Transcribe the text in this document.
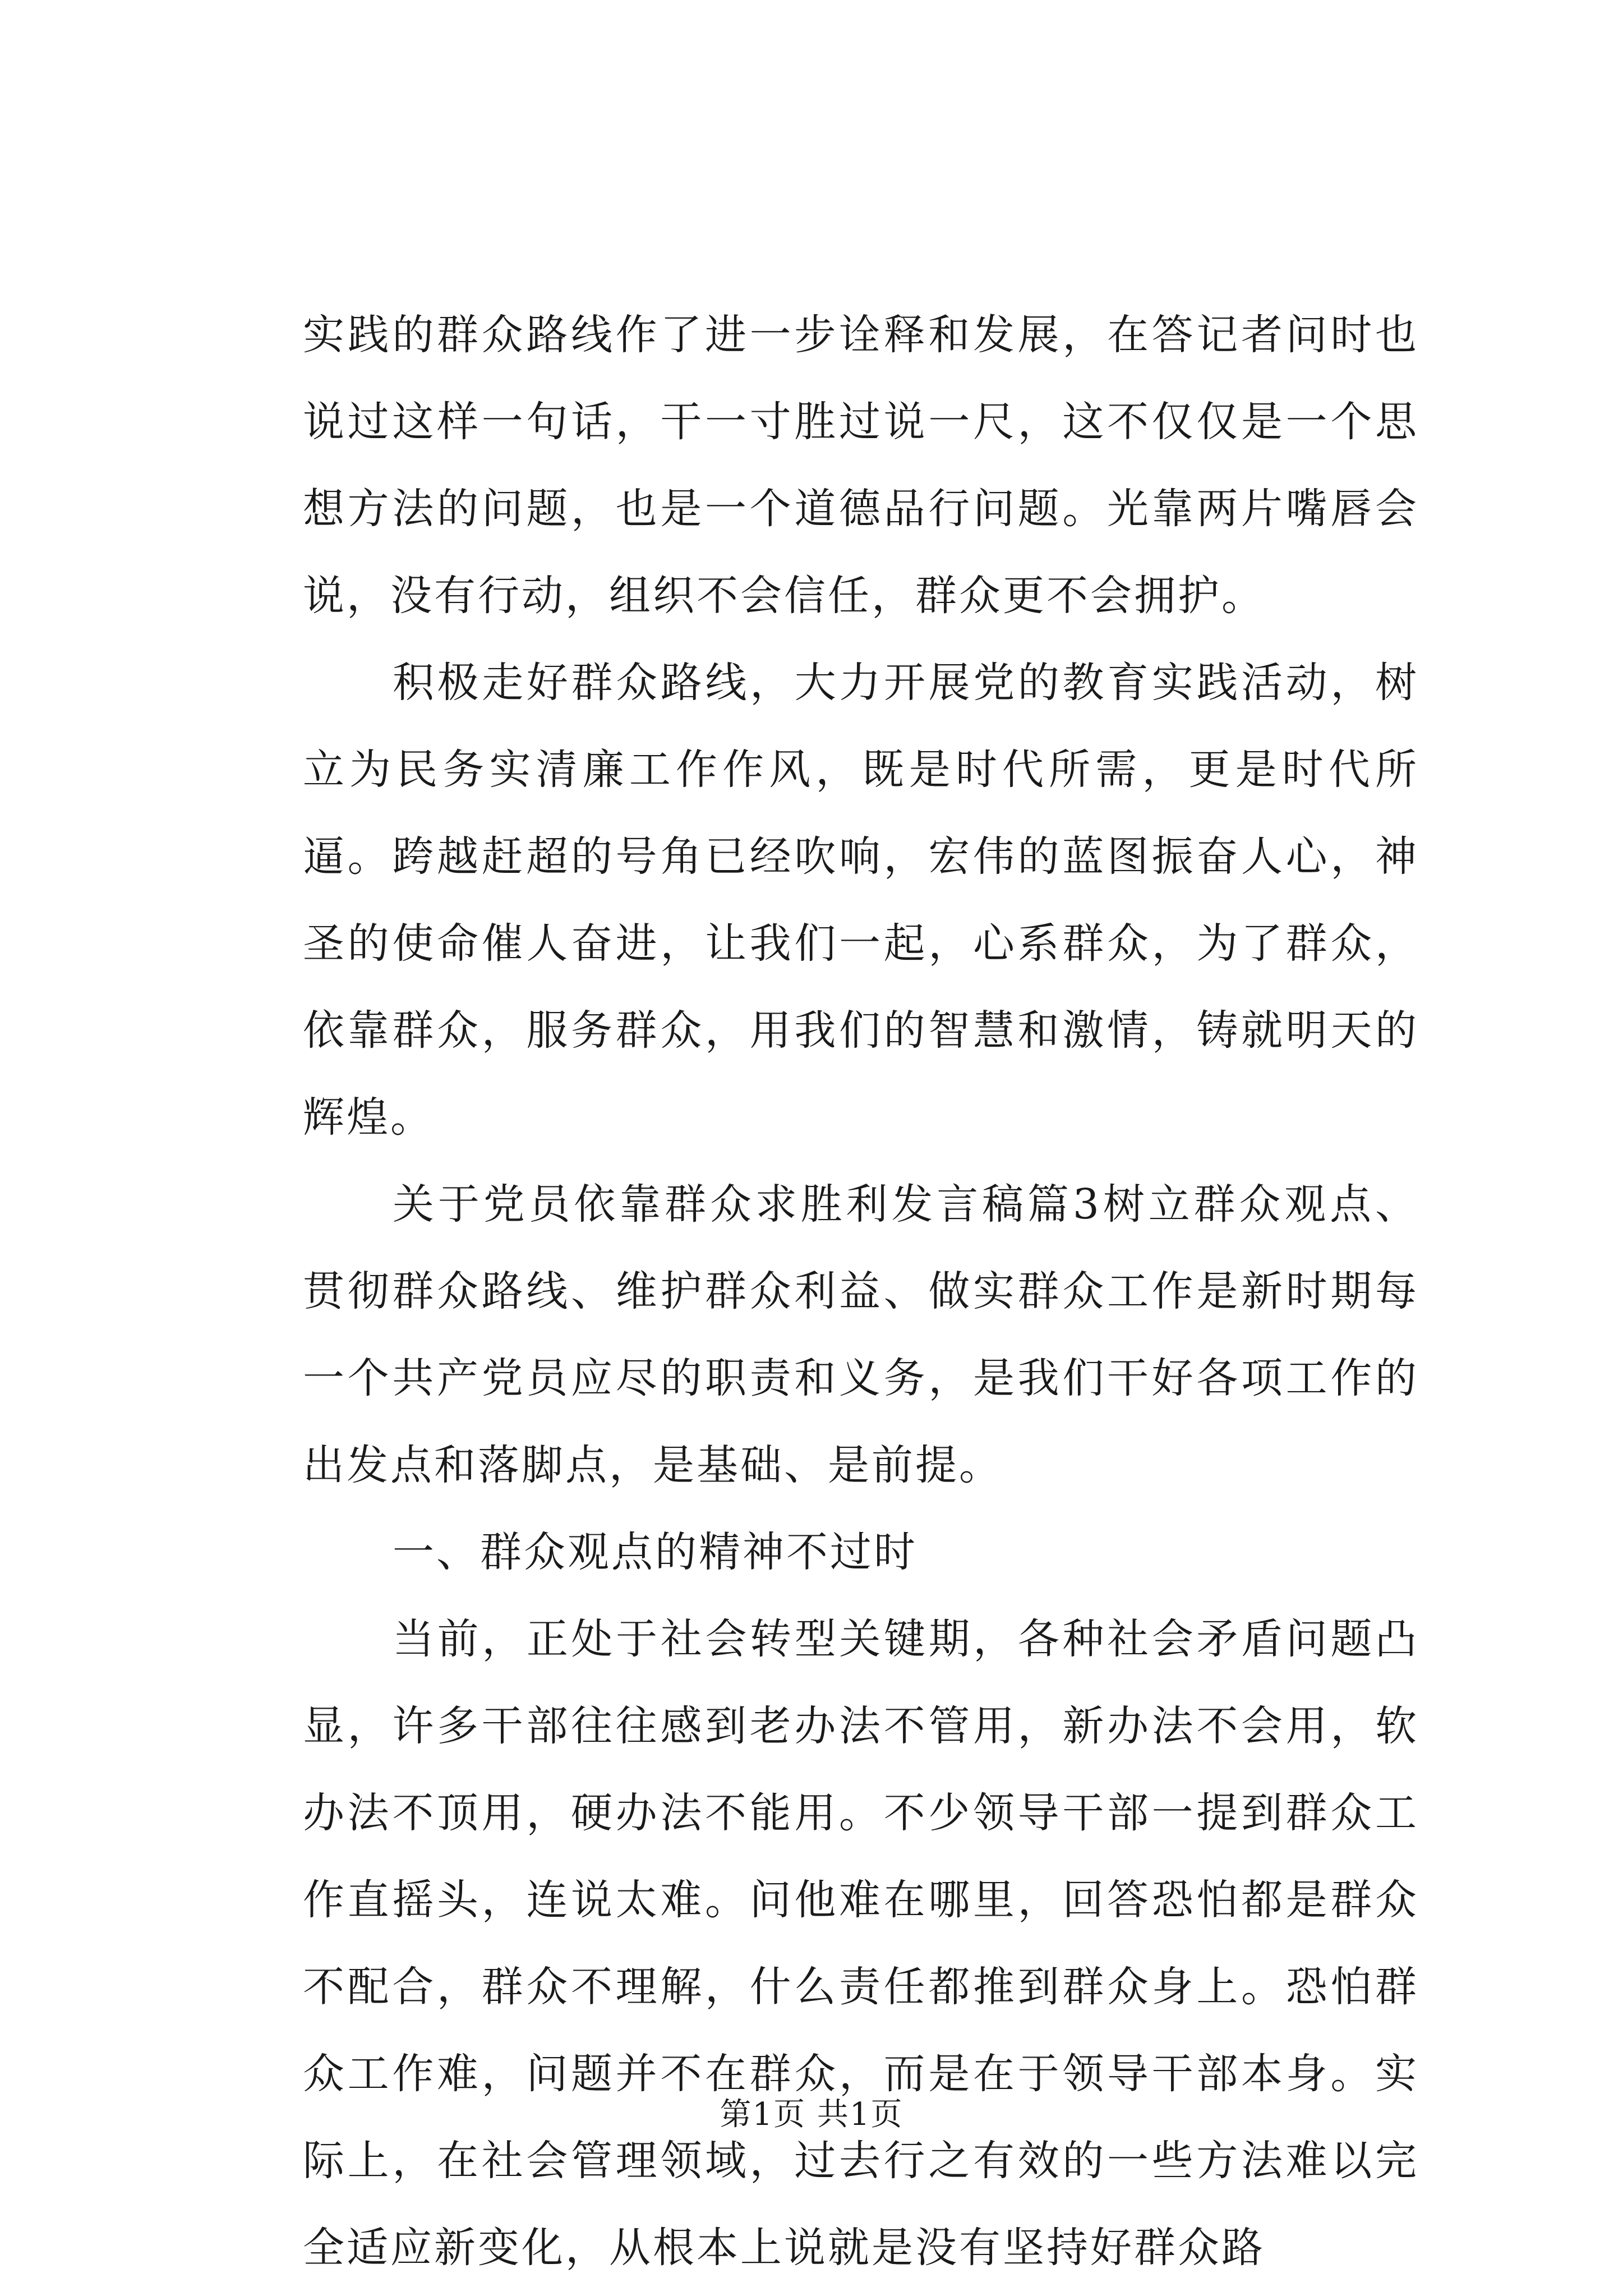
实践的群众路线作了进一步诠释和发展，在答记者问时也说过这样一句话，干一寸胜过说一尺，这不仅仅是一个思想方法的问题，也是一个道德品行问题。光靠两片嘴唇会说，没有行动，组织不会信任，群众更不会拥护。

积极走好群众路线，大力开展党的教育实践活动，树立为民务实清廉工作作风，既是时代所需，更是时代所逼。跨越赶超的号角已经吹响，宏伟的蓝图振奋人心，神圣的使命催人奋进，让我们一起，心系群众，为了群众，依靠群众，服务群众，用我们的智慧和激情，铸就明天的辉煌。

关于党员依靠群众求胜利发言稿篇3树立群众观点、贯彻群众路线、维护群众利益、做实群众工作是新时期每一个共产党员应尽的职责和义务，是我们干好各项工作的出发点和落脚点，是基础、是前提。

一、群众观点的精神不过时

当前，正处于社会转型关键期，各种社会矛盾问题凸显，许多干部往往感到老办法不管用，新办法不会用，软办法不顶用，硬办法不能用。不少领导干部一提到群众工作直摇头，连说太难。问他难在哪里，回答恐怕都是群众不配合，群众不理解，什么责任都推到群众身上。恐怕群众工作难，问题并不在群众，而是在于领导干部本身。实际上，在社会管理领域，过去行之有效的一些方法难以完全适应新变化，从根本上说就是没有坚持好群众路

第1页 共1页
